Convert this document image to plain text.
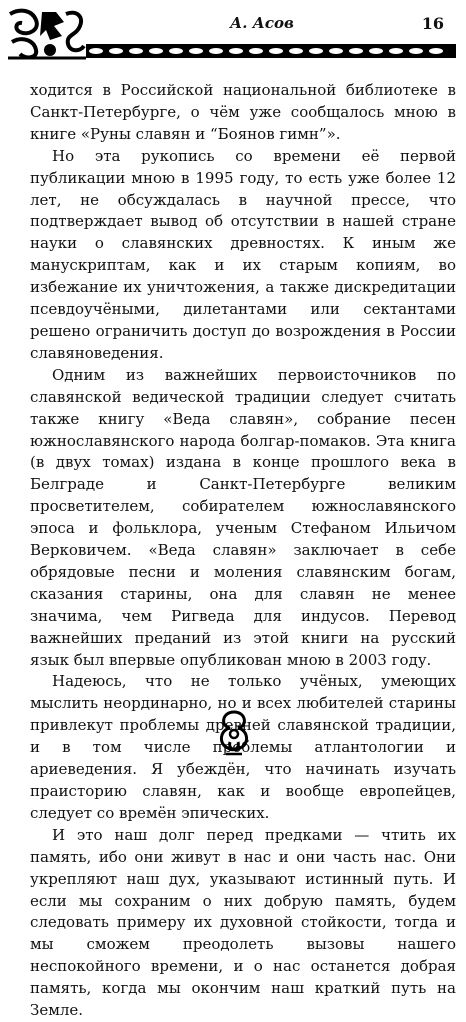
А. Асов	16

ходится в Российской национальной библиотеке в Санкт-Петербурге, о чём уже сообщалось мною в книге «Руны славян и “Боянов гимн”».

Но эта рукопись со времени её первой публикации мною в 1995 году, то есть уже более 12 лет, не обсуждалась в научной прессе, что подтверждает вывод об отсутствии в нашей стране науки о славянских древностях. К иным же манускриптам, как и их старым копиям, во избежание их уничтожения, а также дискредитации псевдоучёными, дилетантами или сектантами решено ограничить доступ до возрождения в России славяноведения.

Одним из важнейших первоисточников по славянской ведической традиции следует считать также книгу «Веда славян», собрание песен южнославянского народа болгар-помаков. Эта книга (в двух томах) издана в конце прошлого века в Белграде и Санкт-Петербурге великим просветителем, собирателем южнославянского эпоса и фольклора, ученым Стефаном Ильичом Верковичем. «Веда славян» заключает в себе обрядовые песни и моления славянским богам, сказания старины, она для славян не менее значима, чем Ригведа для индусов. Перевод важнейших преданий из этой книги на русский язык был впервые опубликован мною в 2003 году.

Надеюсь, что не только учёных, умеющих мыслить неординарно, но и всех любителей старины привлекут проблемы древней славянской традиции, и в том числе проблемы атлантологии и ариеведения. Я убеждён, что начинать изучать праисторию славян, как и вообще европейцев, следует со времён эпических.

И это наш долг перед предками — чтить их память, ибо они живут в нас и они часть нас. Они укрепляют наш дух, указывают истинный путь. И если мы сохраним о них добрую память, будем следовать примеру их духовной стойкости, тогда и мы сможем преодолеть вызовы нашего неспокойного времени, и о нас останется добрая память, когда мы окончим наш краткий путь на Земле.
